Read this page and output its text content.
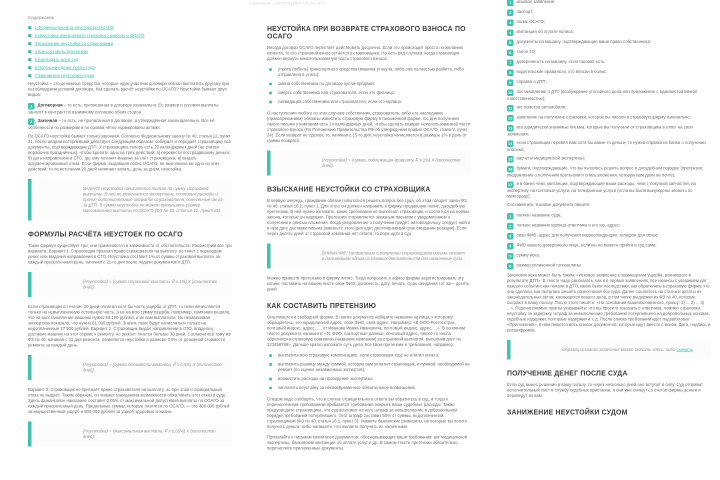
ГЛАВНАЯ / НЕУСТОЙКА ПО ОСАГО
Содержание
1 Формулы расчёта неустоек по ОСАГО
2 Неустойка при возврате страхового взноса по ОСАГО
3 Взыскание неустойки со страховщика
4 Как составить претензию
5 Как подать иск в суд
6 Получение денег после суда
7 Занижение неустойки судом

Неустойка – это денежные средства, которые один участник договора обязан выплатить другому при несоблюдении условий договора. Как сделать расчёт неустойки по ОСАГО? Неустойки бывают двух видов:

1 Договорная – то есть, прописанная в договоре изначально. Ее размер и условия выплаты заносят в контракт по взаимному согласию обеих сторон.
2 Законная – то есть, не прописанная в договоре, а утверждённая законодательно. Все её особенности по размерам и по срокам чётко нормированы актами.

По ОСАГО неустойка бывает только законная. Согласно Федеральному закону № 40, статья 12, пункт 21, после аварии потерпевший действует следующим образом: собирает и передаёт страховщику все документы, подтверждающие ДТП. У страховщика теперь есть 20 календарных дней (не считая нерабочих праздничных), чтобы сделать одно из трёх действий: а) перевести пострадавшему деньги; б) дать направление в СТО, где ему починят машину за счёт страховщика; в) выдать аргументированный отказ. Если фирма, выдавшая полис ОСАГО, не выполнила ни одно из этих действий, то по истечении 20 дней начинает капать, день за днём, неустойка.

ВАЖНО! Неустойка начисляется только на сумму страховой выплаты. В неё не включаются экспертные, почтовые расходы и прочие дополнительные затраты страхователя, понесённые им из-за ДТП. В сумме неустойка не может превышать размер максимальной выплаты по ОСАГО (ФЗ № 40, статья 12, пункт 21).
ФОРМУЛЫ РАСЧЁТА НЕУСТОЕК ПО ОСАГО

Таких формул существует три, они применяются в зависимости от обстоятельств. Рассмотрим все три варианта. Вариант 1. Страховщик признал право страхователя на выплату, но тянет с переводом денег или выдачей направления в СТО. Неустойка составит 1% от суммы страховой выплаты за каждый просроченный день, начиная с 21-го дня после подачи документов о ДТП.

(Неустойка) = (сумма страховой выплаты, ₽ х 1%) Х (количество дней).

Если страховщик в течение 20 дней оплатил хотя бы часть ущерба от ДТП, то пени начисляются только на невыплаченную остальную часть, а не на всю сумму ущерба. Например, компания решила, что на восстановление машины нужно 53 100 рублей, и их вам выплатили. Но независимая экспертиза показала, что нужно 81 000 рублей. Значит, пени будут начисляться только на недоплаченные 27 900 рублей. Вариант 2. Страховщик выдал направление в СТО, владелец доставил машину на этот сервис к ремонту, но ремонт тянется больше 30 дней. Согласно всё тому же ФЗ № 40, начиная с 31 дня ремонта, появляется неустойка в размере 0,5% от денежной стоимости ремонта за каждый день.

(Неустойка) = (сумма стоимости ремонта, ₽ х 0,5%) Х (количество дней).

Вариант 3. Страховщик не признаёт право страхователя на выплату, но при этом и официальный отказ не выдаёт. Таким образом, он лишает гражданина возможности обжаловать этот отказ в суде. Здесь финансовое наказание составит 0,05% от максимальной допустимой выплаты по ОСАГО за каждый просроченный день. Предельные суммы, которые платятся по ОСАГО, — это 400 000 рублей за имущественный ущерб и 500 000 рублей за ущерб здоровью и жизни.

(Неустойка) = (максимальная выплата, ₽ х 0,05%) Х (количество дней).
НЕУСТОЙКА ПРИ ВОЗВРАТЕ СТРАХОВОГО ВЗНОСА ПО ОСАГО

Иногда договор ОСАГО перестаёт действовать досрочно. Если это происходит просто по желанию клиента, то его страховой взнос остаётся у страховщика. Но есть ряд случаев, когда страховщик должен вернуть неиспользованную часть страхового взноса:

утрата (гибель) транспортного средства (машина утонула, либо она полностью разбита, либо отправлена в утиль);
смена собственника по договору купли-продажи;
смерть собственника или страхователя, если это физлицо;
ликвидация собственника или страхователя, если это юрлицо.

О наступлении любого из этих случаев собственник, страхователь, либо его наследники (правопреемники) обязаны известить страховую фирму в письменной форме. Со дня получения такого письма у компании есть 14 календарных дней, чтобы сделать возврат неиспользованной части страхового взноса (По Положению Правительства РФ об утверждении правил ОСАГО, глава V, пункт 34). Если возврат не сделан, то, начиная с 15-го дня, неустойка начисляется в размере 1% в день от суммы возврата.

(Неустойка) = (сумма, подлежащая возврату, ₽ х 1%) Х (количество дней).
ВЗЫСКАНИЕ НЕУСТОЙКИ СО СТРАХОВЩИКА

В первую очередь, гражданин обязан попытаться решить вопрос без суда, об этом говорит закон ФЗ № 40, статья 16.1, пункт 1. Для этого он должен направить в фирму, продавшую полис, досудебную претензию. В ней нужно изложить, какие требования не выполнил страховщик, и сослаться на нормы закона, которые он нарушил. Претензия отправляется заказным письмом с уведомлением о получении и описью вложения. Когда уведомление о получении придёт, автовладельцу следует найти в нём дату доставки письма (именно с этого дня идёт десятидневный срок ожидания реакции). Если через десять дней от страховой компании нет ответа, то пора идти в суд.

ВНИМАНИЕ! Уведомление о получении страховщиком письма станет в дальнейшем одним из главных доказательств для назначения суда.

Можно привезти претензию в фирму лично. Тогда попросите в офисе фирмы зарегистрировать эту копию: поставить на вашем листе свои ФИО, должность, дату, печать. Срок ожидания тот же – десять дней.

КАК СОСТАВИТЬ ПРЕТЕНЗИЮ

Она пишется в свободной форме. В шапке документа наберите название юрлица, к которому обращаетесь, его юридический адрес, свои ФИО, свой адрес. Например: «В ООО Росгосстрах, почтовый индекс, адрес, ..., от Иванова Ивана Ивановича, почтовый индекс, адрес, ...». В основном тексте документа напишите: «Я, ФИО, паспортные данные, почтовый адрес, такого-то числа обратился в страховую компанию (название компании) за страховой выплатой, выполнив долг № 123456789». Дальше кратко изложите суть дела, все свои претензии и требования, например:

выплатить всю страховую компенсацию, если страховщик ещё не платил ничего;
выплатить разницу между суммой, которую вам уплатил страховщик, и суммой, необходимой на ремонт (по оценке независимых экспертов);
возместить расходы на проведение экспертизы;
заплатить неустойку за несвоевременное обязательное возмещение.

Следом надо сообщить, что в случае отрицательного ответа вы обратитесь в суд, и тогда к перечисленным требованиям прибавятся требования покрыть ваши судебные расходы. Также предупредите страховщика, что суд возложит на него штраф за невыполнение в добровольном порядке требований потерпевшего. Этот штраф составит 50% от суммы, недоплаченной страховщиком (ФЗ № 40, статья 16.1, пункт 3). Укажите банковские реквизиты, на которые вы хотите получить деньги, либо напишите, что желаете получить их наличными.

Прилагайте к письмам копии всех документов, обосновывающих ваши требования: акт медицинской экспертизы, банковские квитанции об оплате услуг и др. В самом тексте претензии обязательно перечислите приложенные документы.

1 исковое заявление;
2 паспорт;
3 полис ОСАГО;
4 квитанция об оплате полиса;
5 документы на машину, подтверждающие ваше право собственника;
6 талон ТО;
7 доверенность на машину, если таковая есть;
8 водительские права всех, кто вписан в полис;
9 справка о ДТП;
10 постановление о ДТП (возбуждение уголовного дела или приложение с административной ответственностью);
11 акт осмотра автомобиля;
12 заявление на получение страховки, которое вы писали в страховую фирму изначально;
13 все юридически значимые письма, которые вы получали от страховщика в ответ на свои заявления;
14 если страховщик перевёл вам хотя бы какие-то деньги, то нужна справка из банка о получении платежа;
15 расчёты медицинской экспертизы;
16 бумаги, подтверждающие, что вы пытались решить вопрос в досудебном порядке (претензия, уведомление о получении претензии и опись вложения, которую вам дали на почте);
17 и в банке чеки, квитанции, подтверждающие ваши расходы: чеки с покупкой запчастей, на экспертизу, на почтовые услуги, на телефонные услуги (если вы были вынуждены звонить по межгороду).

Составив иск, в шапке документа пишите:

1 полное название суда;
2 полное название юрлица-ответчика и его юр. адрес;
3 свои ФИО, адрес для получения корреспонденции, телефон для связи;
4 ФИО вашего доверенного лица, если вы не можете прийти в суд сами;
5 сумму иска;
6 размер уплаченной госпошлины.

Заголовок иска может быть таким: «Исковое заявление о возмещении ущерба, возникшего в результате ДТП». В тексте надо рассказать, как и в первых заявлениях, все нюансы с указанием дат каждого события: как попали в ДТП, какие были последствия, как обратились в страховую фирму, что она сделала, как пытались решить разногласия без суда. Далее сошлитесь на статьи и цитаты из законодательных актов, касающихся вашего дела, в том числе выдержки из ФЗ № 40, которые сыграют в вашу пользу. После этого пишете: «На основании вышеизложенного, прошу: 1) ... 2) ... 3) ...». Перечисляемые пункты указывайте: что вы просите взыскать с ответчика, помимо страховки, неустойку за задержку, штраф за невыполнение требований потерпевшего на добровольных основах, судебные издержки, почтовые издержки и т. д. После списка требований идёт подзаголовок «Приложения», в нём пишется весь список документов, которые идут вместе с иском. Дата, подпись и расшифровка.

Образец искового заявления можно скачать здесь, либо скачать
ПОЛУЧЕНИЕ ДЕНЕГ ПОСЛЕ СУДА

Если суд вынес решение в вашу пользу, то через несколько дней оно вступит в силу. Суд отправит исполнительный лист в службу судебных приставов, а они уже спишут со счетов фирмы деньги и переведут их вам.

ЗАНИЖЕНИЕ НЕУСТОЙКИ СУДОМ
